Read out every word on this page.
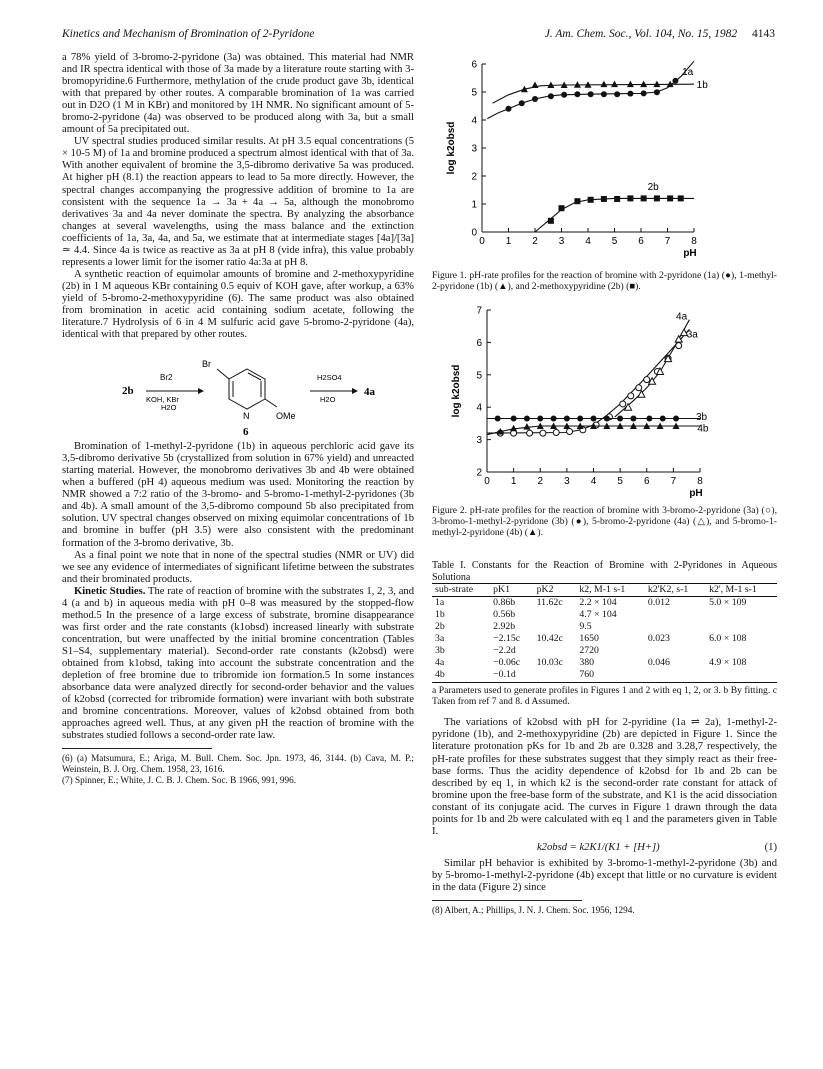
Kinetics and Mechanism of Bromination of 2-Pyridone	J. Am. Chem. Soc., Vol. 104, No. 15, 1982 4143

a 78% yield of 3-bromo-2-pyridone (3a) was obtained. This material had NMR and IR spectra identical with those of 3a made by a literature route starting with 3-bromopyridine.6 Furthermore, methylation of the crude product gave 3b, identical with that prepared by other routes. A comparable bromination of 1a was carried out in D2O (1 M in KBr) and monitored by 1H NMR. No significant amount of 5-bromo-2-pyridone (4a) was observed to be produced along with 3a, but a small amount of 5a precipitated out.

UV spectral studies produced similar results. At pH 3.5 equal concentrations (5 × 10-5 M) of 1a and bromine produced a spectrum almost identical with that of 3a. With another equivalent of bromine the 3,5-dibromo derivative 5a was produced. At higher pH (8.1) the reaction appears to lead to 5a more directly. However, the spectral changes accompanying the progressive addition of bromine to 1a are consistent with the sequence 1a → 3a + 4a → 5a, although the monobromo derivatives 3a and 4a never dominate the spectra. By analyzing the absorbance changes at several wavelengths, using the mass balance and the extinction coefficients of 1a, 3a, 4a, and 5a, we estimate that at intermediate stages [4a]/[3a] ≃ 4.4. Since 4a is twice as reactive as 3a at pH 8 (vide infra), this value probably represents a lower limit for the isomer ratio 4a:3a at pH 8.

A synthetic reaction of equimolar amounts of bromine and 2-methoxypyridine (2b) in 1 M aqueous KBr containing 0.5 equiv of KOH gave, after workup, a 63% yield of 5-bromo-2-methoxypyridine (6). The same product was also obtained from bromination in acetic acid containing sodium acetate, following the literature.7 Hydrolysis of 6 in 4 M sulfuric acid gave 5-bromo-2-pyridone (4a), identical with that prepared by other routes.

2b
Br2
KOH, KBr
H2O
Br
N	OMe
6
H2SO4
H2O
4a

Bromination of 1-methyl-2-pyridone (1b) in aqueous perchloric acid gave its 3,5-dibromo derivative 5b (crystallized from solution in 67% yield) and unreacted starting material. However, the monobromo derivatives 3b and 4b were obtained when a buffered (pH 4) aqueous medium was used. Monitoring the reaction by NMR showed a 7:2 ratio of the 3-bromo- and 5-bromo-1-methyl-2-pyridones (3b and 4b). A small amount of the 3,5-dibromo compound 5b also precipitated from solution. UV spectral changes observed on mixing equimolar concentrations of 1b and bromine in buffer (pH 3.5) were also consistent with the predominant formation of the 3-bromo derivative, 3b.

As a final point we note that in none of the spectral studies (NMR or UV) did we see any evidence of intermediates of significant lifetime between the substrates and their brominated products.

Kinetic Studies. The rate of reaction of bromine with the substrates 1, 2, 3, and 4 (a and b) in aqueous media with pH 0–8 was measured by the stopped-flow method.5 In the presence of a large excess of substrate, bromine disappearance was first order and the rate constants (k1obsd) increased linearly with substrate concentration, but were unaffected by the initial bromine concentration (Tables S1–S4, supplementary material). Second-order rate constants (k2obsd) were obtained from k1obsd, taking into account the substrate concentration and the depletion of free bromine due to tribromide ion formation.5 In some instances absorbance data were analyzed directly for second-order behavior and the values of k2obsd (corrected for tribromide formation) were invariant with both substrate and bromine concentrations. Moreover, values of k2obsd obtained from both approaches agreed well. Thus, at any given pH the reaction of bromine with the substrates studied follows a second-order rate law.

(6) (a) Matsumura, E.; Ariga, M. Bull. Chem. Soc. Jpn. 1973, 46, 3144. (b) Cava, M. P.; Weinstein, B. J. Org. Chem. 1958, 23, 1616.

(7) Spinner, E.; White, J. C. B. J. Chem. Soc. B 1966, 991, 996.

0 1 2 3 4 5 6 7 8
0
1
2
3
4
5
6
pH
log k2obsd
1a
1b
2b
Figure 1. pH-rate profiles for the reaction of bromine with 2-pyridone (1a) (●), 1-methyl-2-pyridone (1b) (▲), and 2-methoxypyridine (2b) (■).
0 1 2 3 4 5 6 7 8
2
3
4
5
6
7
pH
log k2obsd
4a
3a
3b
4b
Figure 2. pH-rate profiles for the reaction of bromine with 3-bromo-2-pyridone (3a) (○), 3-bromo-1-methyl-2-pyridone (3b) (●), 5-bromo-2-pyridone (4a) (△), and 5-bromo-1-methyl-2-pyridone (4b) (▲).
Table I. Constants for the Reaction of Bromine with 2-Pyridones in Aqueous Solutiona
sub-strate	pK1	pK2	k2, M-1 s-1	k2'K2, s-1	k2', M-1 s-1
1a	0.86b	11.62c	2.2 × 104	0.012	5.0 × 109
1b	0.56b		4.7 × 104		
2b	2.92b		9.5		
3a	−2.15c	10.42c	1650	0.023	6.0 × 108
3b	−2.2d		2720		
4a	−0.06c	10.03c	380	0.046	4.9 × 108
4b	−0.1d		760		
a Parameters used to generate profiles in Figures 1 and 2 with eq 1, 2, or 3. b By fitting. c Taken from ref 7 and 8. d Assumed.

The variations of k2obsd with pH for 2-pyridine (1a ⇌ 2a), 1-methyl-2-pyridone (1b), and 2-methoxypyridine (2b) are depicted in Figure 1. Since the literature protonation pKs for 1b and 2b are 0.328 and 3.28,7 respectively, the pH-rate profiles for these substrates suggest that they simply react as their free-base forms. Thus the acidity dependence of k2obsd for 1b and 2b can be described by eq 1, in which k2 is the second-order rate constant for attack of bromine upon the free-base form of the substrate, and K1 is the acid dissociation constant of its conjugate acid. The curves in Figure 1 drawn through the data points for 1b and 2b were calculated with eq 1 and the parameters given in Table I.

k2obsd = k2K1/(K1 + [H+])	(1)

Similar pH behavior is exhibited by 3-bromo-1-methyl-2-pyridone (3b) and by 5-bromo-1-methyl-2-pyridone (4b) except that little or no curvature is evident in the data (Figure 2) since

(8) Albert, A.; Phillips, J. N. J. Chem. Soc. 1956, 1294.
